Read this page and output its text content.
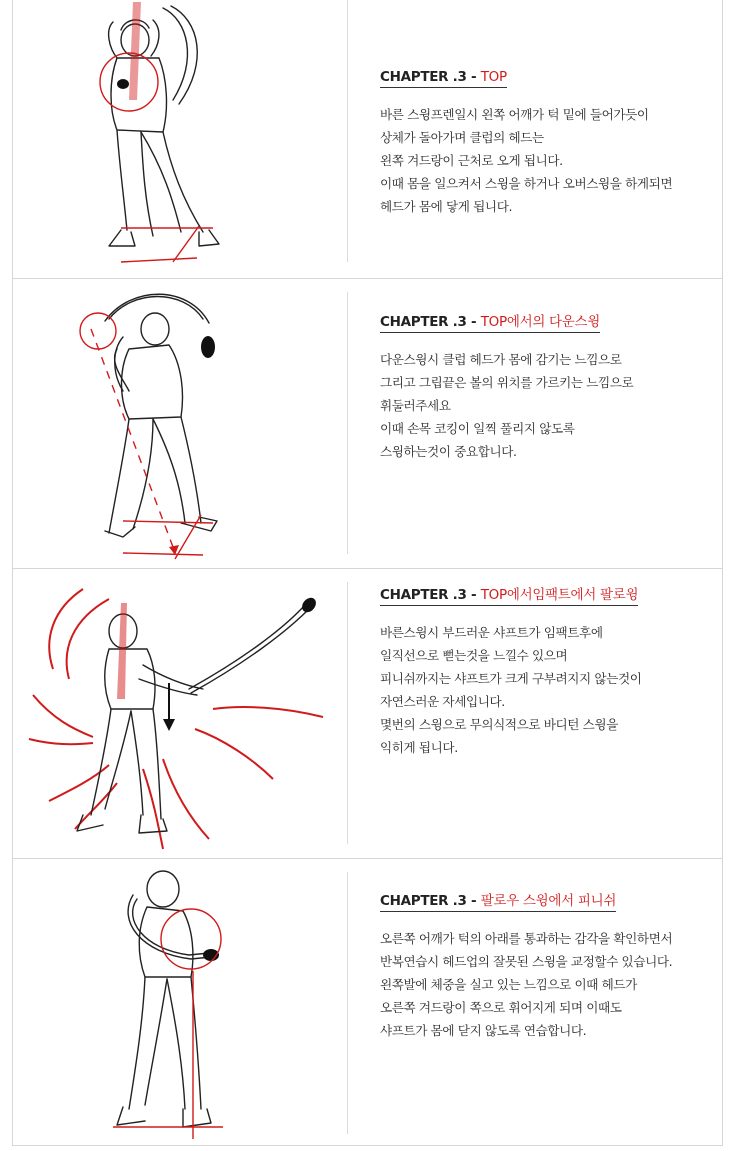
CHAPTER .3 - TOP
바른 스윙프렌일시 왼쪽 어깨가 턱 밑에 들어가듯이
상체가 돌아가며 클럽의 헤드는
왼쪽 겨드랑이 근처로 오게 됩니다.
이때 몸을 일으켜서 스윙을 하거나 오버스윙을 하게되면
헤드가 몸에 닿게 됩니다.
CHAPTER .3 - TOP에서의 다운스윙
다운스윙시 클럽 헤드가 몸에 감기는 느낌으로
그리고 그립끝은 볼의 위치를 가르키는 느낌으로
휘둘러주세요
이때 손목 코킹이 일찍 풀리지 않도록
스윙하는것이 중요합니다.
CHAPTER .3 - TOP에서임팩트에서 팔로윙
바른스윙시 부드러운 샤프트가 임팩트후에
일직선으로 뻗는것을 느낄수 있으며
피니쉬까지는 샤프트가 크게 구부려지지 않는것이
자연스러운 자세입니다.
몇번의 스윙으로 무의식적으로 바디턴 스윙을
익히게 됩니다.
CHAPTER .3 - 팔로우 스윙에서 피니쉬
오른쪽 어깨가 턱의 아래를 통과하는 감각을 확인하면서
반복연습시 헤드업의 잘못된 스윙을 교정할수 있습니다.
왼쪽발에 체중을 실고 있는 느낌으로 이때 헤드가
오른쪽 겨드랑이 쪽으로 휘어지게 되며 이때도
샤프트가 몸에 닫지 않도록 연습합니다.
